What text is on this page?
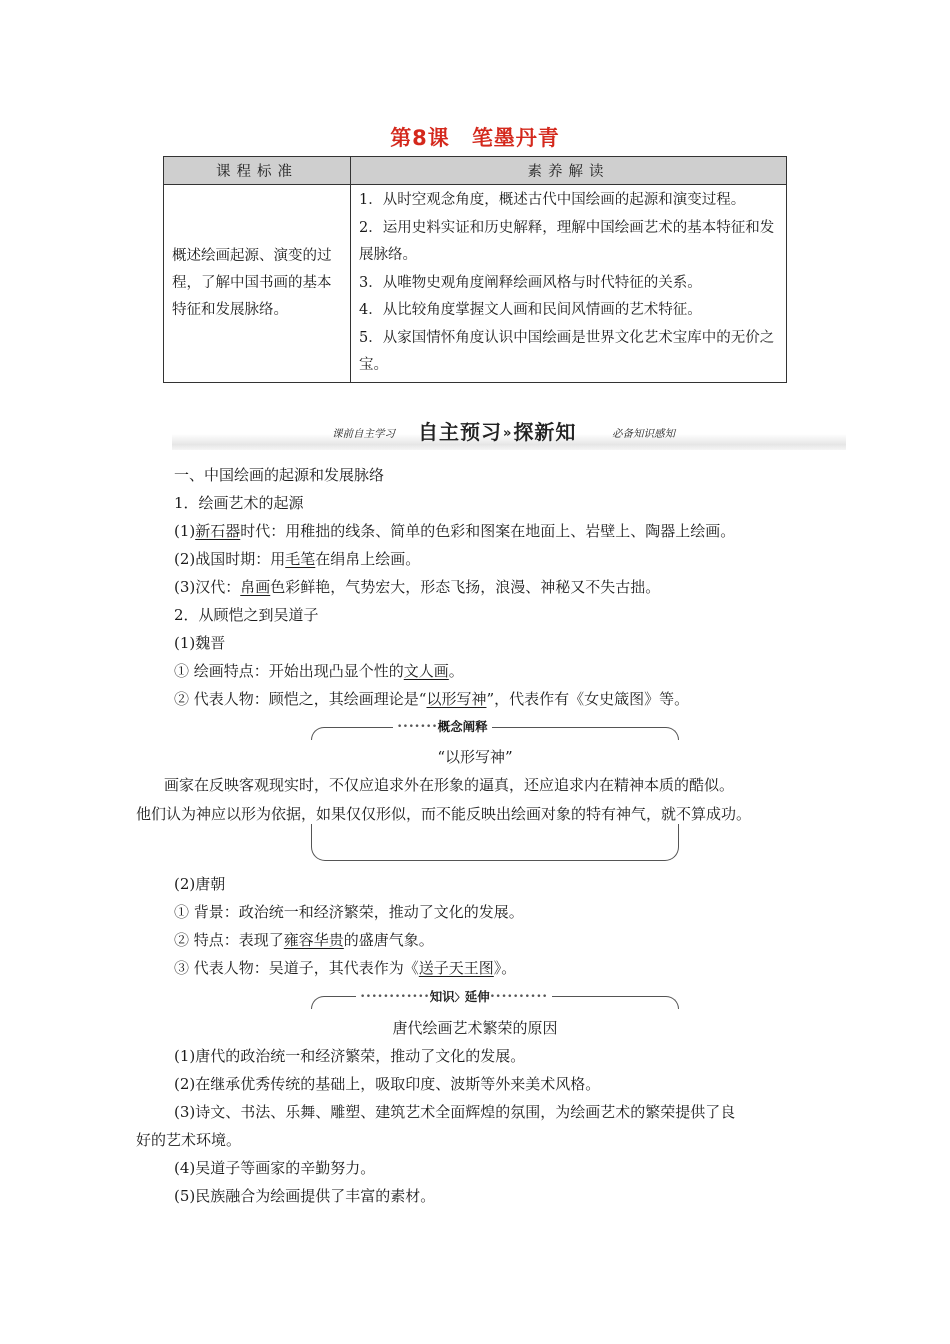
第8课 笔墨丹青
课程标准	素养解读
概述绘画起源、演变的过程，了解中国书画的基本特征和发展脉络。	1．从时空观念角度，概述古代中国绘画的起源和演变过程。

2．运用史料实证和历史解释，理解中国绘画艺术的基本特征和发展脉络。

3．从唯物史观角度阐释绘画风格与时代特征的关系。

4．从比较角度掌握文人画和民间风情画的艺术特征。

5．从家国情怀角度认识中国绘画是世界文化艺术宝库中的无价之宝。

课前自主学习 自主预习»探新知	必备知识感知
一、中国绘画的起源和发展脉络
1．绘画艺术的起源
(1)新石器时代：用稚拙的线条、简单的色彩和图案在地面上、岩壁上、陶器上绘画。
(2)战国时期：用毛笔在绢帛上绘画。
(3)汉代：帛画色彩鲜艳，气势宏大，形态飞扬，浪漫、神秘又不失古拙。
2．从顾恺之到吴道子
(1)魏晋
① 绘画特点：开始出现凸显个性的文人画。
② 代表人物：顾恺之，其绘画理论是“以形写神”，代表作有《女史箴图》等。
•••••••概念阐释
“以形写神”
画家在反映客观现实时，不仅应追求外在形象的逼真，还应追求内在精神本质的酷似。
他们认为神应以形为依据，如果仅仅形似，而不能反映出绘画对象的特有神气，就不算成功。
(2)唐朝
① 背景：政治统一和经济繁荣，推动了文化的发展。
② 特点：表现了雍容华贵的盛唐气象。
③ 代表人物：吴道子，其代表作为《送子天王图》。
••••••••••••知识〉延伸••••••••••
唐代绘画艺术繁荣的原因
(1)唐代的政治统一和经济繁荣，推动了文化的发展。
(2)在继承优秀传统的基础上，吸取印度、波斯等外来美术风格。
(3)诗文、书法、乐舞、雕塑、建筑艺术全面辉煌的氛围，为绘画艺术的繁荣提供了良
好的艺术环境。
(4)吴道子等画家的辛勤努力。
(5)民族融合为绘画提供了丰富的素材。
